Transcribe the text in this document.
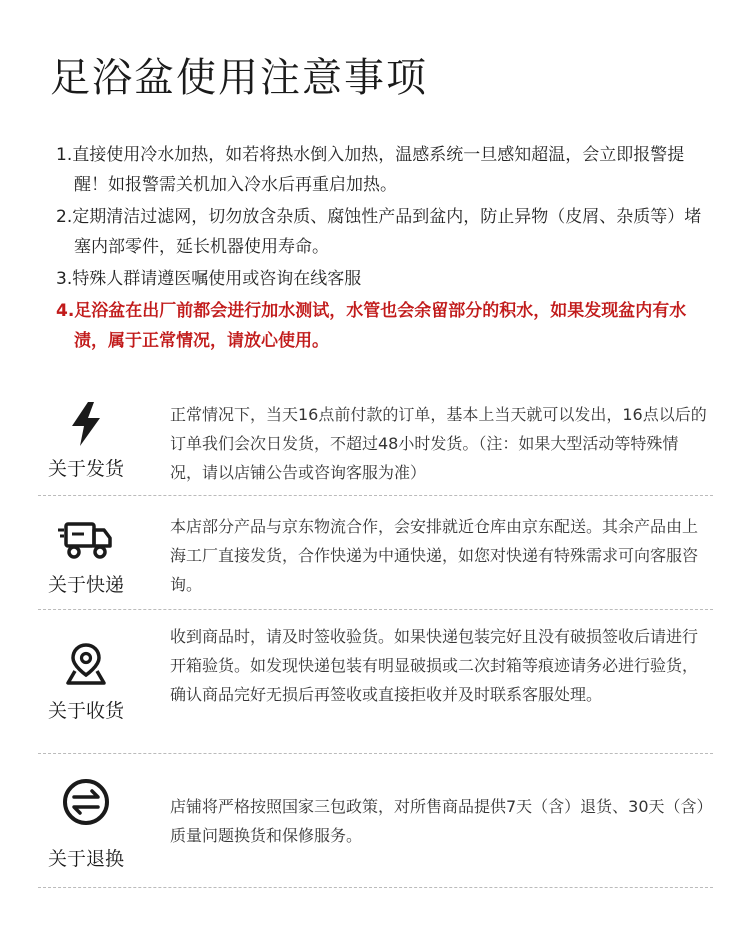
足浴盆使用注意事项
1.直接使用冷水加热，如若将热水倒入加热，温感系统一旦感知超温，会立即报警提醒！如报警需关机加入冷水后再重启加热。
2.定期清洁过滤网，切勿放含杂质、腐蚀性产品到盆内，防止异物（皮屑、杂质等）堵塞内部零件，延长机器使用寿命。
3.特殊人群请遵医嘱使用或咨询在线客服
4.足浴盆在出厂前都会进行加水测试，水管也会余留部分的积水，如果发现盆内有水渍，属于正常情况，请放心使用。
关于发货
正常情况下，当天16点前付款的订单，基本上当天就可以发出，16点以后的订单我们会次日发货，不超过48小时发货。（注：如果大型活动等特殊情况，请以店铺公告或咨询客服为准）
关于快递
本店部分产品与京东物流合作，会安排就近仓库由京东配送。其余产品由上海工厂直接发货，合作快递为中通快递，如您对快递有特殊需求可向客服咨询。
关于收货
收到商品时，请及时签收验货。如果快递包装完好且没有破损签收后请进行开箱验货。如发现快递包装有明显破损或二次封箱等痕迹请务必进行验货，确认商品完好无损后再签收或直接拒收并及时联系客服处理。
关于退换
店铺将严格按照国家三包政策，对所售商品提供7天（含）退货、30天（含）质量问题换货和保修服务。
